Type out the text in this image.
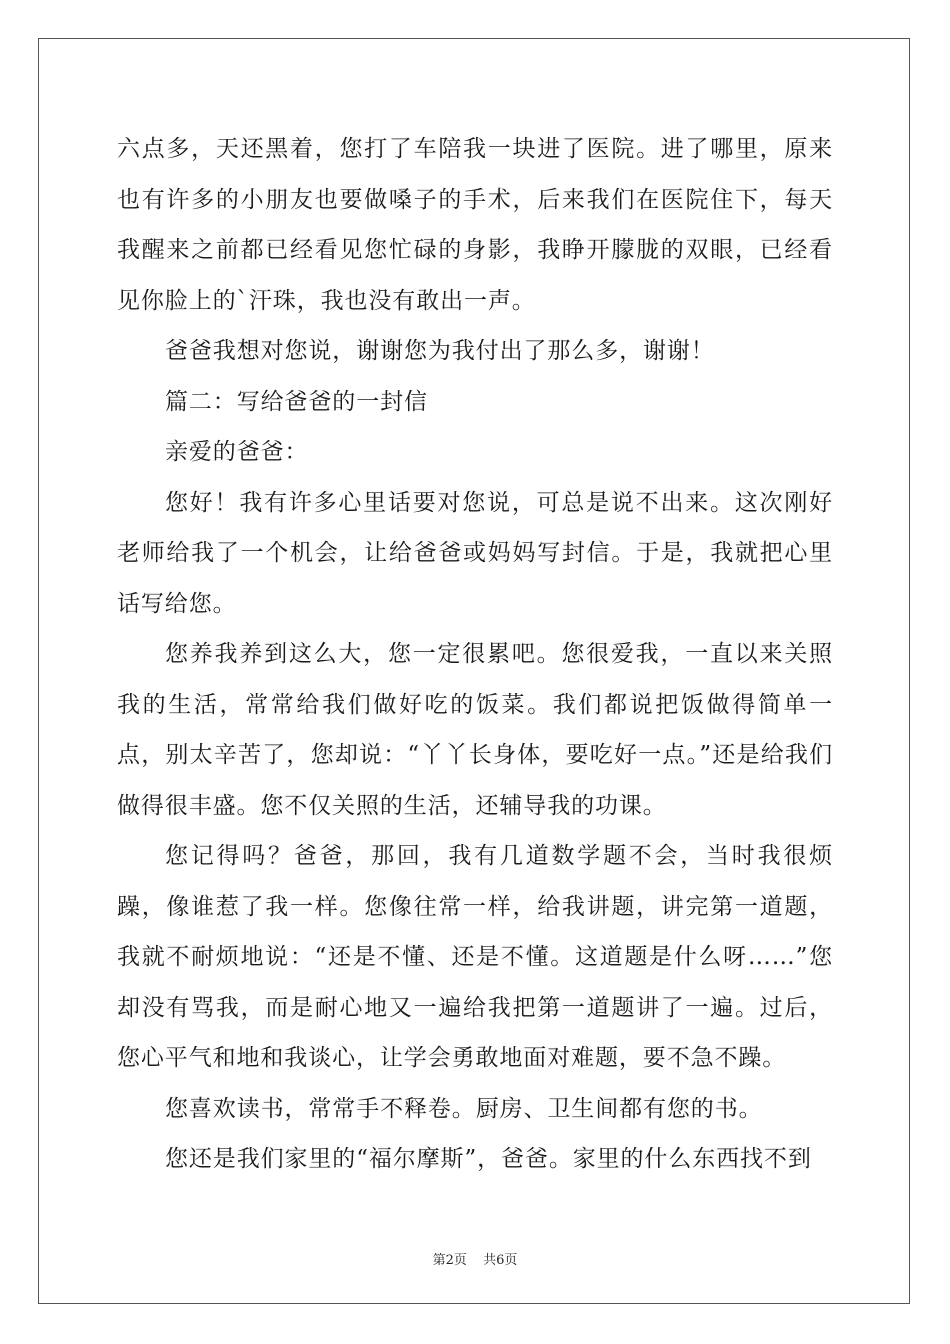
六点多，天还黑着，您打了车陪我一块进了医院。进了哪里，原来也有许多的小朋友也要做嗓子的手术，后来我们在医院住下，每天我醒来之前都已经看见您忙碌的身影，我睁开朦胧的双眼，已经看见你脸上的`汗珠，我也没有敢出一声。

爸爸我想对您说，谢谢您为我付出了那么多，谢谢！

篇二：写给爸爸的一封信

亲爱的爸爸：

您好！我有许多心里话要对您说，可总是说不出来。这次刚好老师给我了一个机会，让给爸爸或妈妈写封信。于是，我就把心里话写给您。

您养我养到这么大，您一定很累吧。您很爱我，一直以来关照我的生活，常常给我们做好吃的饭菜。我们都说把饭做得简单一点，别太辛苦了，您却说：“丫丫长身体，要吃好一点。”还是给我们做得很丰盛。您不仅关照的生活，还辅导我的功课。

您记得吗？爸爸，那回，我有几道数学题不会，当时我很烦躁，像谁惹了我一样。您像往常一样，给我讲题，讲完第一道题，我就不耐烦地说：“还是不懂、还是不懂。这道题是什么呀……”您却没有骂我，而是耐心地又一遍给我把第一道题讲了一遍。过后，您心平气和地和我谈心，让学会勇敢地面对难题，要不急不躁。

您喜欢读书，常常手不释卷。厨房、卫生间都有您的书。

您还是我们家里的“福尔摩斯”，爸爸。家里的什么东西找不到

第2页 共6页
